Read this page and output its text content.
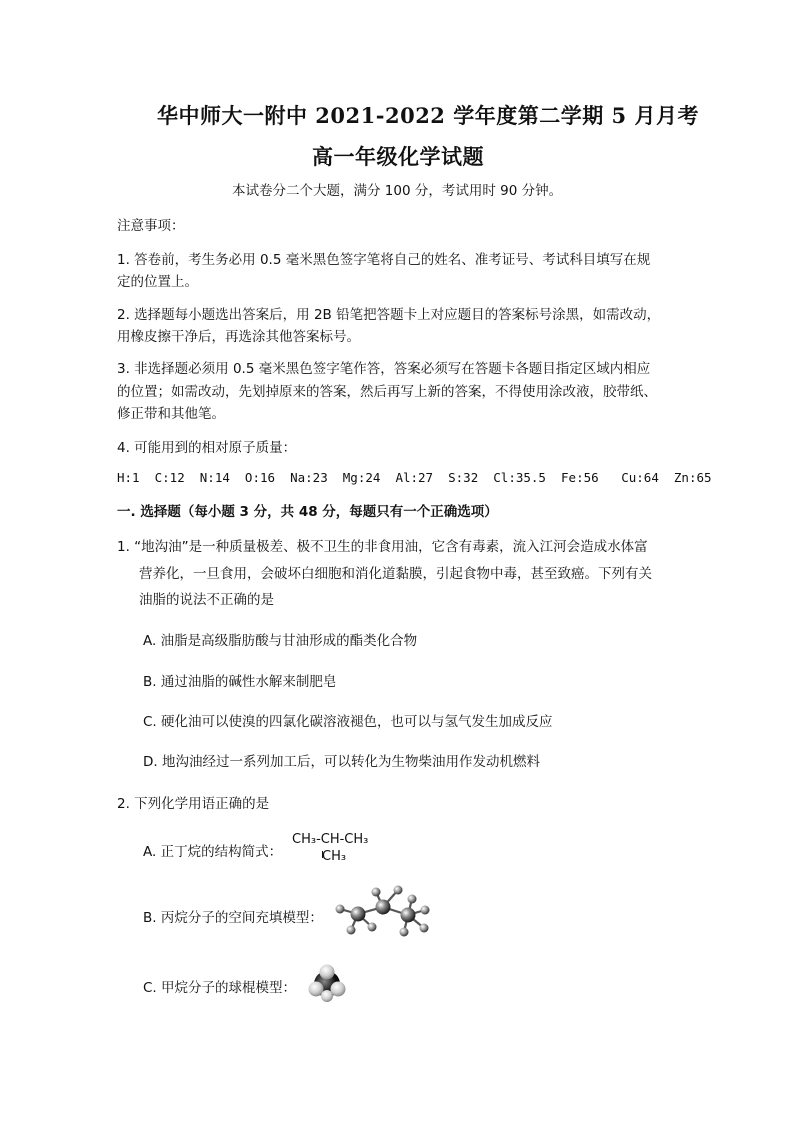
华中师大一附中 2021-2022 学年度第二学期 5 月月考
高一年级化学试题
本试卷分二个大题，满分 100 分，考试用时 90 分钟。
注意事项：
1. 答卷前，考生务必用 0.5 毫米黑色签字笔将自己的姓名、准考证号、考试科目填写在规
定的位置上。
2. 选择题每小题选出答案后，用 2B 铅笔把答题卡上对应题目的答案标号涂黑，如需改动，
用橡皮擦干净后，再选涂其他答案标号。
3. 非选择题必须用 0.5 毫米黑色签字笔作答，答案必须写在答题卡各题目指定区域内相应
的位置；如需改动，先划掉原来的答案，然后再写上新的答案，不得使用涂改液，胶带纸、
修正带和其他笔。
4. 可能用到的相对原子质量：
H:1  C:12  N:14  O:16  Na:23  Mg:24  Al:27  S:32  Cl:35.5  Fe:56   Cu:64  Zn:65
一. 选择题（每小题 3 分，共 48 分，每题只有一个正确选项）
1. “地沟油”是一种质量极差、极不卫生的非食用油，它含有毒素，流入江河会造成水体富
营养化，一旦食用，会破坏白细胞和消化道黏膜，引起食物中毒，甚至致癌。下列有关
油脂的说法不正确的是
A. 油脂是高级脂肪酸与甘油形成的酯类化合物
B. 通过油脂的碱性水解来制肥皂
C. 硬化油可以使溴的四氯化碳溶液褪色，也可以与氢气发生加成反应
D. 地沟油经过一系列加工后，可以转化为生物柴油用作发动机燃料
2. 下列化学用语正确的是
A. 正丁烷的结构简式：
CH₃-CH-CH₃
CH₃
B. 丙烷分子的空间充填模型：
C. 甲烷分子的球棍模型：
